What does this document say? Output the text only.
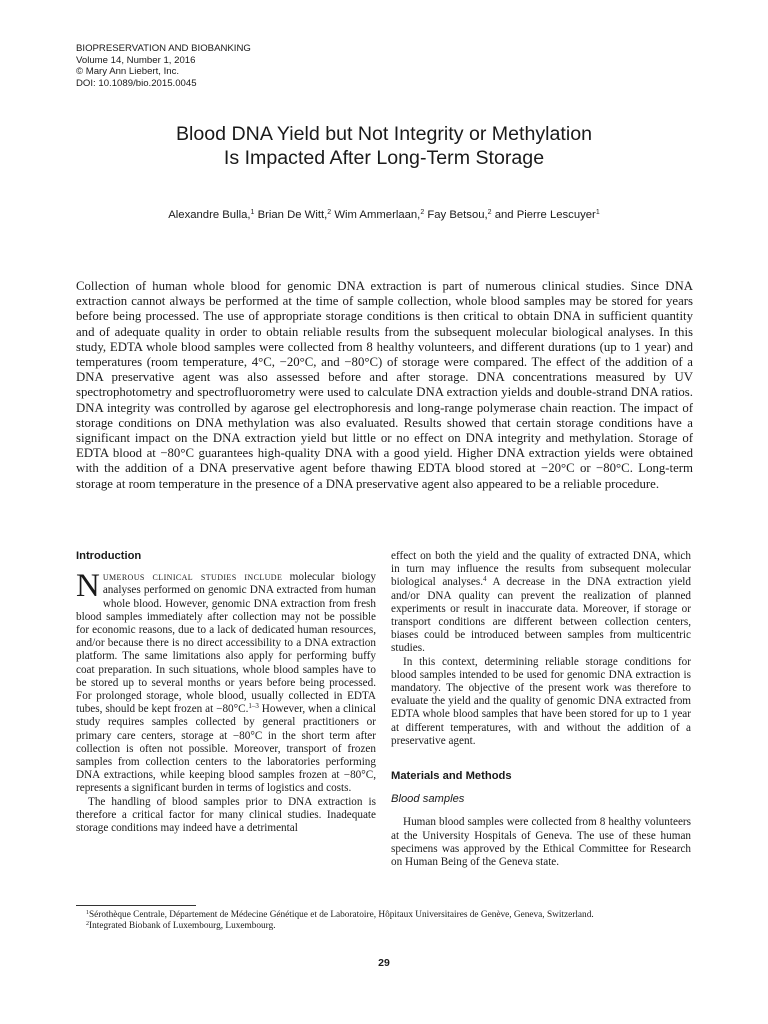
BIOPRESERVATION AND BIOBANKING
Volume 14, Number 1, 2016
© Mary Ann Liebert, Inc.
DOI: 10.1089/bio.2015.0045
Blood DNA Yield but Not Integrity or Methylation
Is Impacted After Long-Term Storage
Alexandre Bulla,$^1$ Brian De Witt,$^2$ Wim Ammerlaan,$^2$ Fay Betsou,$^2$ and Pierre Lescuyer$^1$
Collection of human whole blood for genomic DNA extraction is part of numerous clinical studies. Since DNA extraction cannot always be performed at the time of sample collection, whole blood samples may be stored for years before being processed. The use of appropriate storage conditions is then critical to obtain DNA in sufficient quantity and of adequate quality in order to obtain reliable results from the subsequent molecular biological analyses. In this study, EDTA whole blood samples were collected from 8 healthy volunteers, and different durations (up to 1 year) and temperatures (room temperature, 4°C, −20°C, and −80°C) of storage were compared. The effect of the addition of a DNA preservative agent was also assessed before and after storage. DNA concentrations measured by UV spectrophotometry and spectrofluorometry were used to calculate DNA extraction yields and double-strand DNA ratios. DNA integrity was controlled by agarose gel electrophoresis and long-range polymerase chain reaction. The impact of storage conditions on DNA methylation was also evaluated. Results showed that certain storage conditions have a significant impact on the DNA extraction yield but little or no effect on DNA integrity and methylation. Storage of EDTA blood at −80°C guarantees high-quality DNA with a good yield. Higher DNA extraction yields were obtained with the addition of a DNA preservative agent before thawing EDTA blood stored at −20°C or −80°C. Long-term storage at room temperature in the presence of a DNA preservative agent also appeared to be a reliable procedure.
Introduction

Numerous clinical studies include molecular biology analyses performed on genomic DNA extracted from human whole blood. However, genomic DNA extraction from fresh blood samples immediately after collection may not be possible for economic reasons, due to a lack of dedicated human resources, and/or because there is no direct accessibility to a DNA extraction platform. The same limitations also apply for performing buffy coat preparation. In such situations, whole blood samples have to be stored up to several months or years before being processed. For prolonged storage, whole blood, usually collected in EDTA tubes, should be kept frozen at −80°C.$^{1-3}$ However, when a clinical study requires samples collected by general practitioners or primary care centers, storage at −80°C in the short term after collection is often not possible. Moreover, transport of frozen samples from collection centers to the laboratories performing DNA extractions, while keeping blood samples frozen at −80°C, represents a significant burden in terms of logistics and costs.

The handling of blood samples prior to DNA extraction is therefore a critical factor for many clinical studies. Inadequate storage conditions may indeed have a detrimental

effect on both the yield and the quality of extracted DNA, which in turn may influence the results from subsequent molecular biological analyses.$^4$ A decrease in the DNA extraction yield and/or DNA quality can prevent the realization of planned experiments or result in inaccurate data. Moreover, if storage or transport conditions are different between collection centers, biases could be introduced between samples from multicentric studies.

In this context, determining reliable storage conditions for blood samples intended to be used for genomic DNA extraction is mandatory. The objective of the present work was therefore to evaluate the yield and the quality of genomic DNA extracted from EDTA whole blood samples that have been stored for up to 1 year at different temperatures, with and without the addition of a preservative agent.

Materials and Methods
Blood samples

Human blood samples were collected from 8 healthy volunteers at the University Hospitals of Geneva. The use of these human specimens was approved by the Ethical Committee for Research on Human Being of the Geneva state.

$^1$Sérothèque Centrale, Département de Médecine Génétique et de Laboratoire, Hôpitaux Universitaires de Genève, Geneva, Switzerland.
$^2$Integrated Biobank of Luxembourg, Luxembourg.
29
